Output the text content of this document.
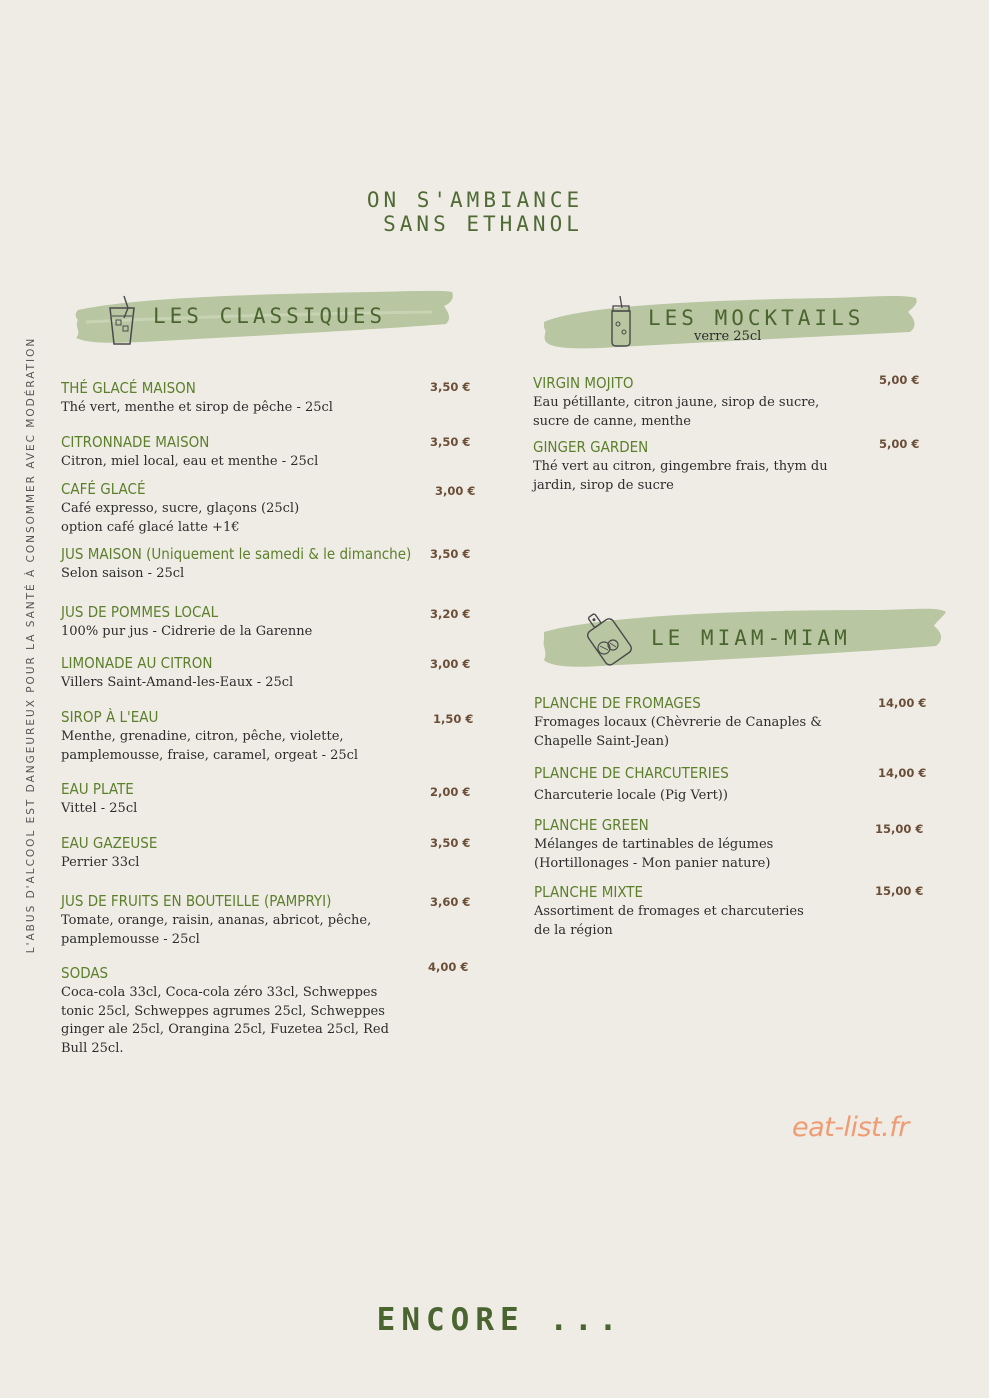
ON S'AMBIANCE
SANS ETHANOL
L'ABUS D'ALCOOL EST DANGEUREUX POUR LA SANTÉ À CONSOMMER AVEC MODÉRATION
LES CLASSIQUES	LES MOCKTAILS
verre 25cl
LE MIAM-MIAM
THÉ GLACÉ MAISON
Thé vert, menthe et sirop de pêche - 25cl
3,50 €
CITRONNADE MAISON
Citron, miel local, eau et menthe - 25cl
3,50 €
CAFÉ GLACÉ
Café expresso, sucre, glaçons (25cl)
option café glacé latte +1€
3,00 €
JUS MAISON (Uniquement le samedi & le dimanche)
Selon saison - 25cl
3,50 €
JUS DE POMMES LOCAL
100% pur jus - Cidrerie de la Garenne
3,20 €
LIMONADE AU CITRON
Villers Saint-Amand-les-Eaux - 25cl
3,00 €
SIROP À L'EAU
Menthe, grenadine, citron, pêche, violette,
pamplemousse, fraise, caramel, orgeat - 25cl
1,50 €
EAU PLATE
Vittel - 25cl
2,00 €
EAU GAZEUSE
Perrier 33cl
3,50 €
JUS DE FRUITS EN BOUTEILLE (PAMPRYI)
Tomate, orange, raisin, ananas, abricot, pêche,
pamplemousse - 25cl
3,60 €
SODAS
Coca-cola 33cl, Coca-cola zéro 33cl, Schweppes
tonic 25cl, Schweppes agrumes 25cl, Schweppes
ginger ale 25cl, Orangina 25cl, Fuzetea 25cl, Red
Bull 25cl.
4,00 €
VIRGIN MOJITO
Eau pétillante, citron jaune, sirop de sucre,
sucre de canne, menthe
5,00 €
GINGER GARDEN
Thé vert au citron, gingembre frais, thym du
jardin, sirop de sucre
5,00 €
PLANCHE DE FROMAGES
Fromages locaux (Chèvrerie de Canaples &
Chapelle Saint-Jean)
14,00 €
PLANCHE DE CHARCUTERIES
Charcuterie locale (Pig Vert))
14,00 €
PLANCHE GREEN
Mélanges de tartinables de légumes
(Hortillonages - Mon panier nature)
15,00 €
PLANCHE MIXTE
Assortiment de fromages et charcuteries
de la région
15,00 €
eat-list.fr
ENCORE ...
